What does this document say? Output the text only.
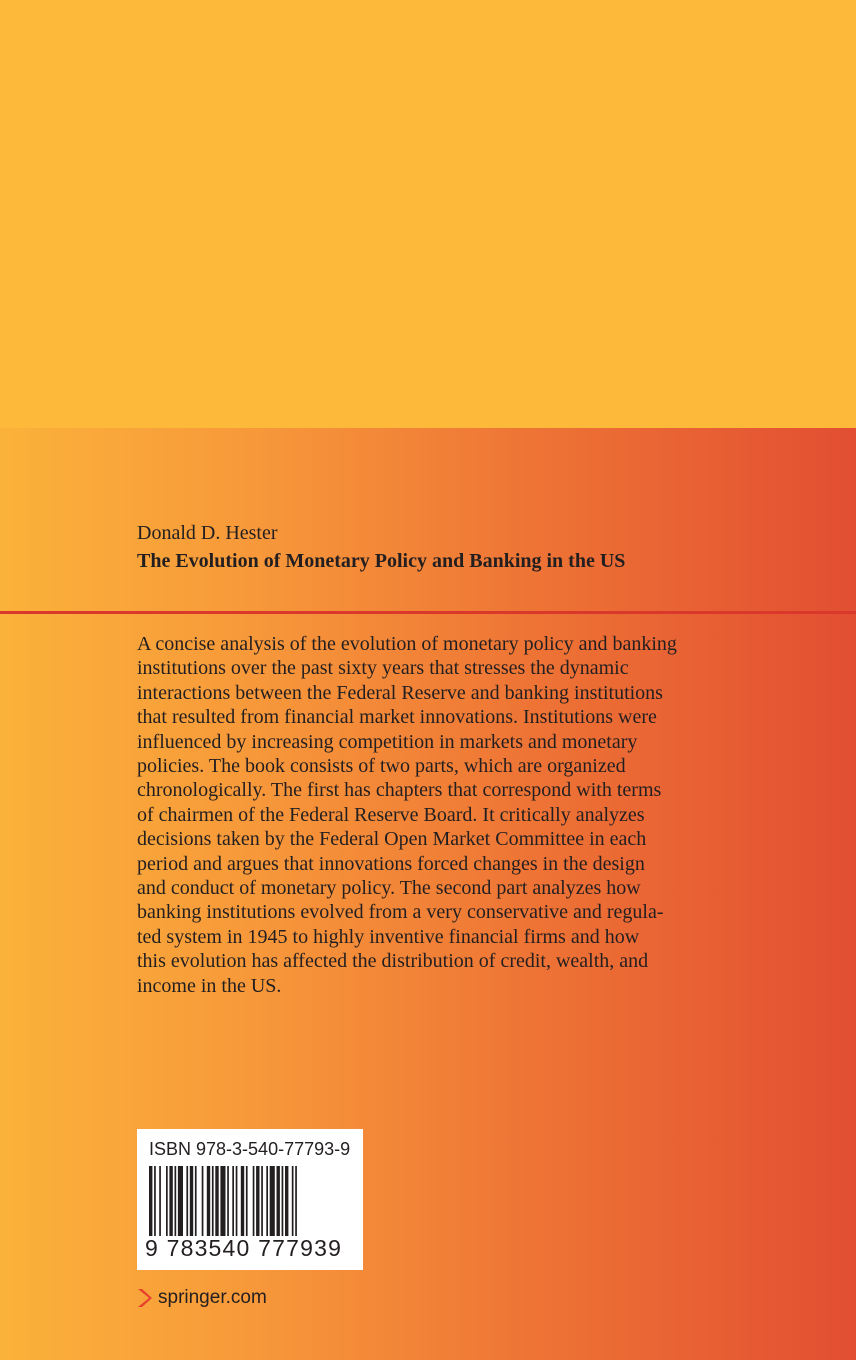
Donald D. Hester
The Evolution of Monetary Policy and Banking in the US

A concise analysis of the evolution of monetary policy and banking
institutions over the past sixty years that stresses the dynamic
interactions between the Federal Reserve and banking institutions
that resulted from financial market innovations. Institutions were
influenced by increasing competition in markets and monetary
policies. The book consists of two parts, which are organized
chronologically. The first has chapters that correspond with terms
of chairmen of the Federal Reserve Board. It critically analyzes
decisions taken by the Federal Open Market Committee in each
period and argues that innovations forced changes in the design
and conduct of monetary policy. The second part analyzes how
banking institutions evolved from a very conservative and regula-
ted system in 1945 to highly inventive financial firms and how
this evolution has affected the distribution of credit, wealth, and
income in the US.

ISBN 978-3-540-77793-9
9 783540 777939
springer.com
